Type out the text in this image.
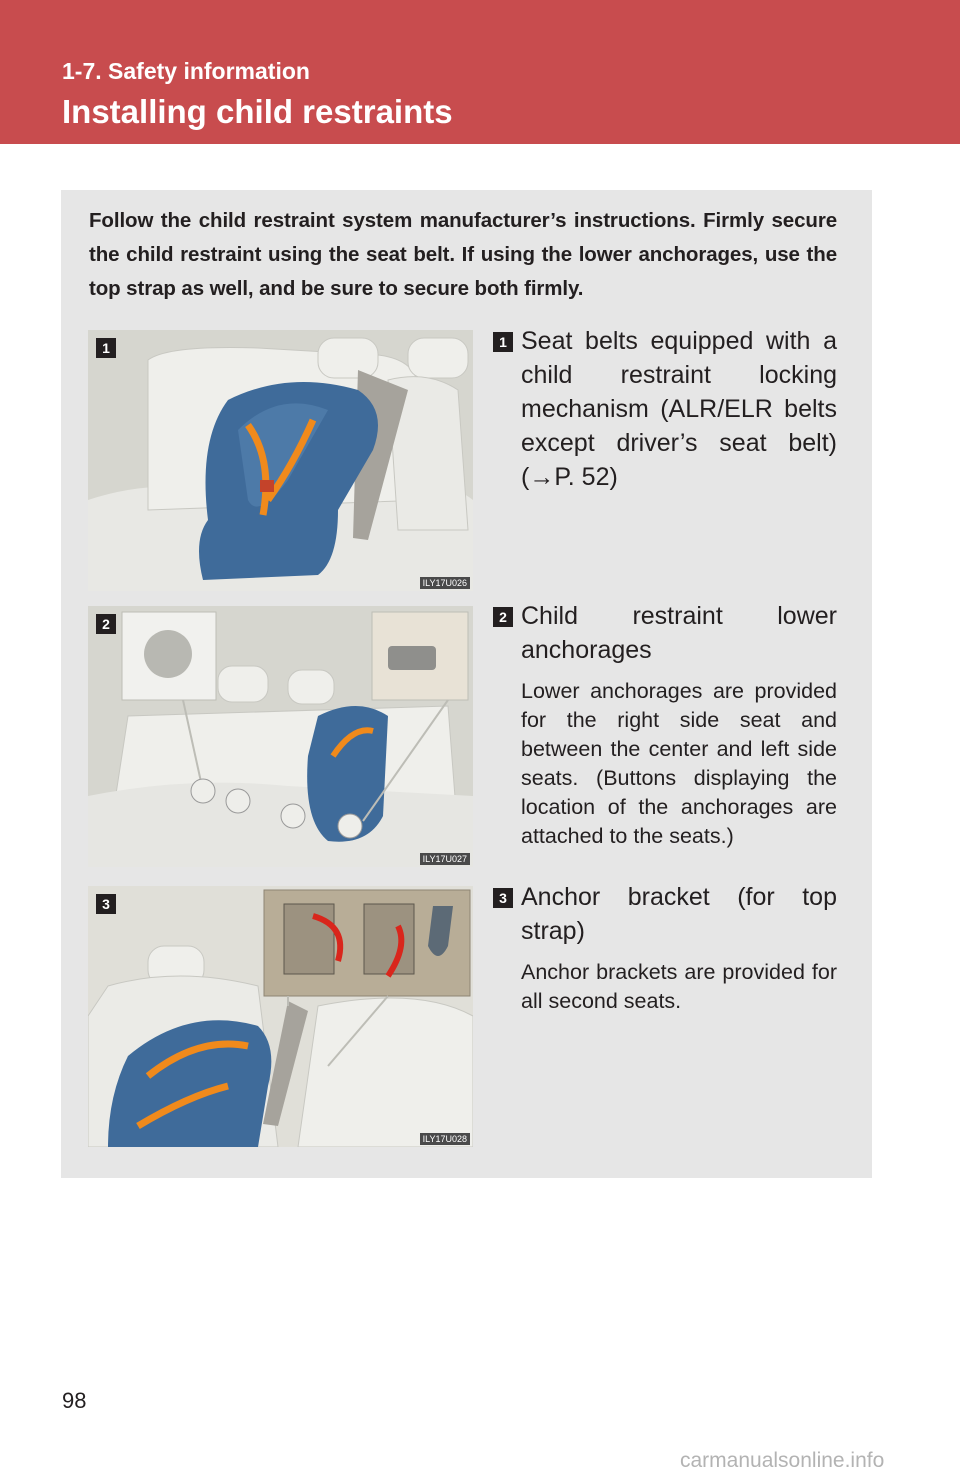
1-7. Safety information

Installing child restraints

Follow the child restraint system manufacturer’s instructions. Firmly secure the child restraint using the seat belt. If using the lower anchorages, use the top strap as well, and be sure to secure both firmly.

1
ILY17U026
1 Seat belts equipped with a child restraint locking mechanism (ALR/ELR belts except driver’s seat belt) (→P. 52)

2
ILY17U027
2 Child restraint lower anchorages

Lower anchorages are provided for the right side seat and between the center and left side seats. (Buttons displaying the location of the anchorages are attached to the seats.)

3
ILY17U028
3 Anchor bracket (for top strap)

Anchor brackets are provided for all second seats.

98

carmanualsonline.info
